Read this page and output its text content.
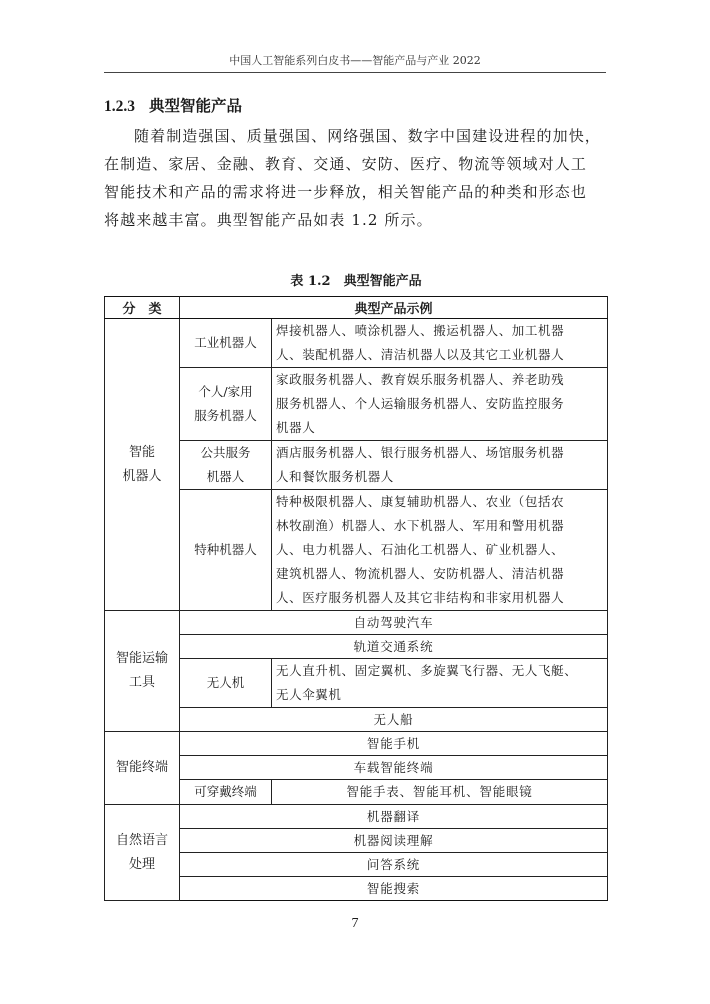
中国人工智能系列白皮书——智能产品与产业 2022
1.2.3 典型智能产品

随着制造强国、质量强国、网络强国、数字中国建设进程的加快，
在制造、家居、金融、教育、交通、安防、医疗、物流等领域对人工
智能技术和产品的需求将进一步释放，相关智能产品的种类和形态也
将越来越丰富。典型智能产品如表 1.2 所示。

表 1.2　典型智能产品
分　类	典型产品示例	
智能
机器人	工业机器人	焊接机器人、喷涂机器人、搬运机器人、加工机器
人、装配机器人、清洁机器人以及其它工业机器人
	个人/家用
服务机器人	家政服务机器人、教育娱乐服务机器人、养老助残
服务机器人、个人运输服务机器人、安防监控服务
机器人
	公共服务
机器人	酒店服务机器人、银行服务机器人、场馆服务机器
人和餐饮服务机器人
	特种机器人	特种极限机器人、康复辅助机器人、农业（包括农
林牧副渔）机器人、水下机器人、军用和警用机器
人、电力机器人、石油化工机器人、矿业机器人、
建筑机器人、物流机器人、安防机器人、清洁机器
人、医疗服务机器人及其它非结构和非家用机器人
智能运输
工具	自动驾驶汽车	
	轨道交通系统	
	无人机	无人直升机、固定翼机、多旋翼飞行器、无人飞艇、
无人伞翼机
	无人船	
智能终端	智能手机	
	车载智能终端	
	可穿戴终端	智能手表、智能耳机、智能眼镜
自然语言
处理	机器翻译	
	机器阅读理解	
	问答系统	
	智能搜索	
7
